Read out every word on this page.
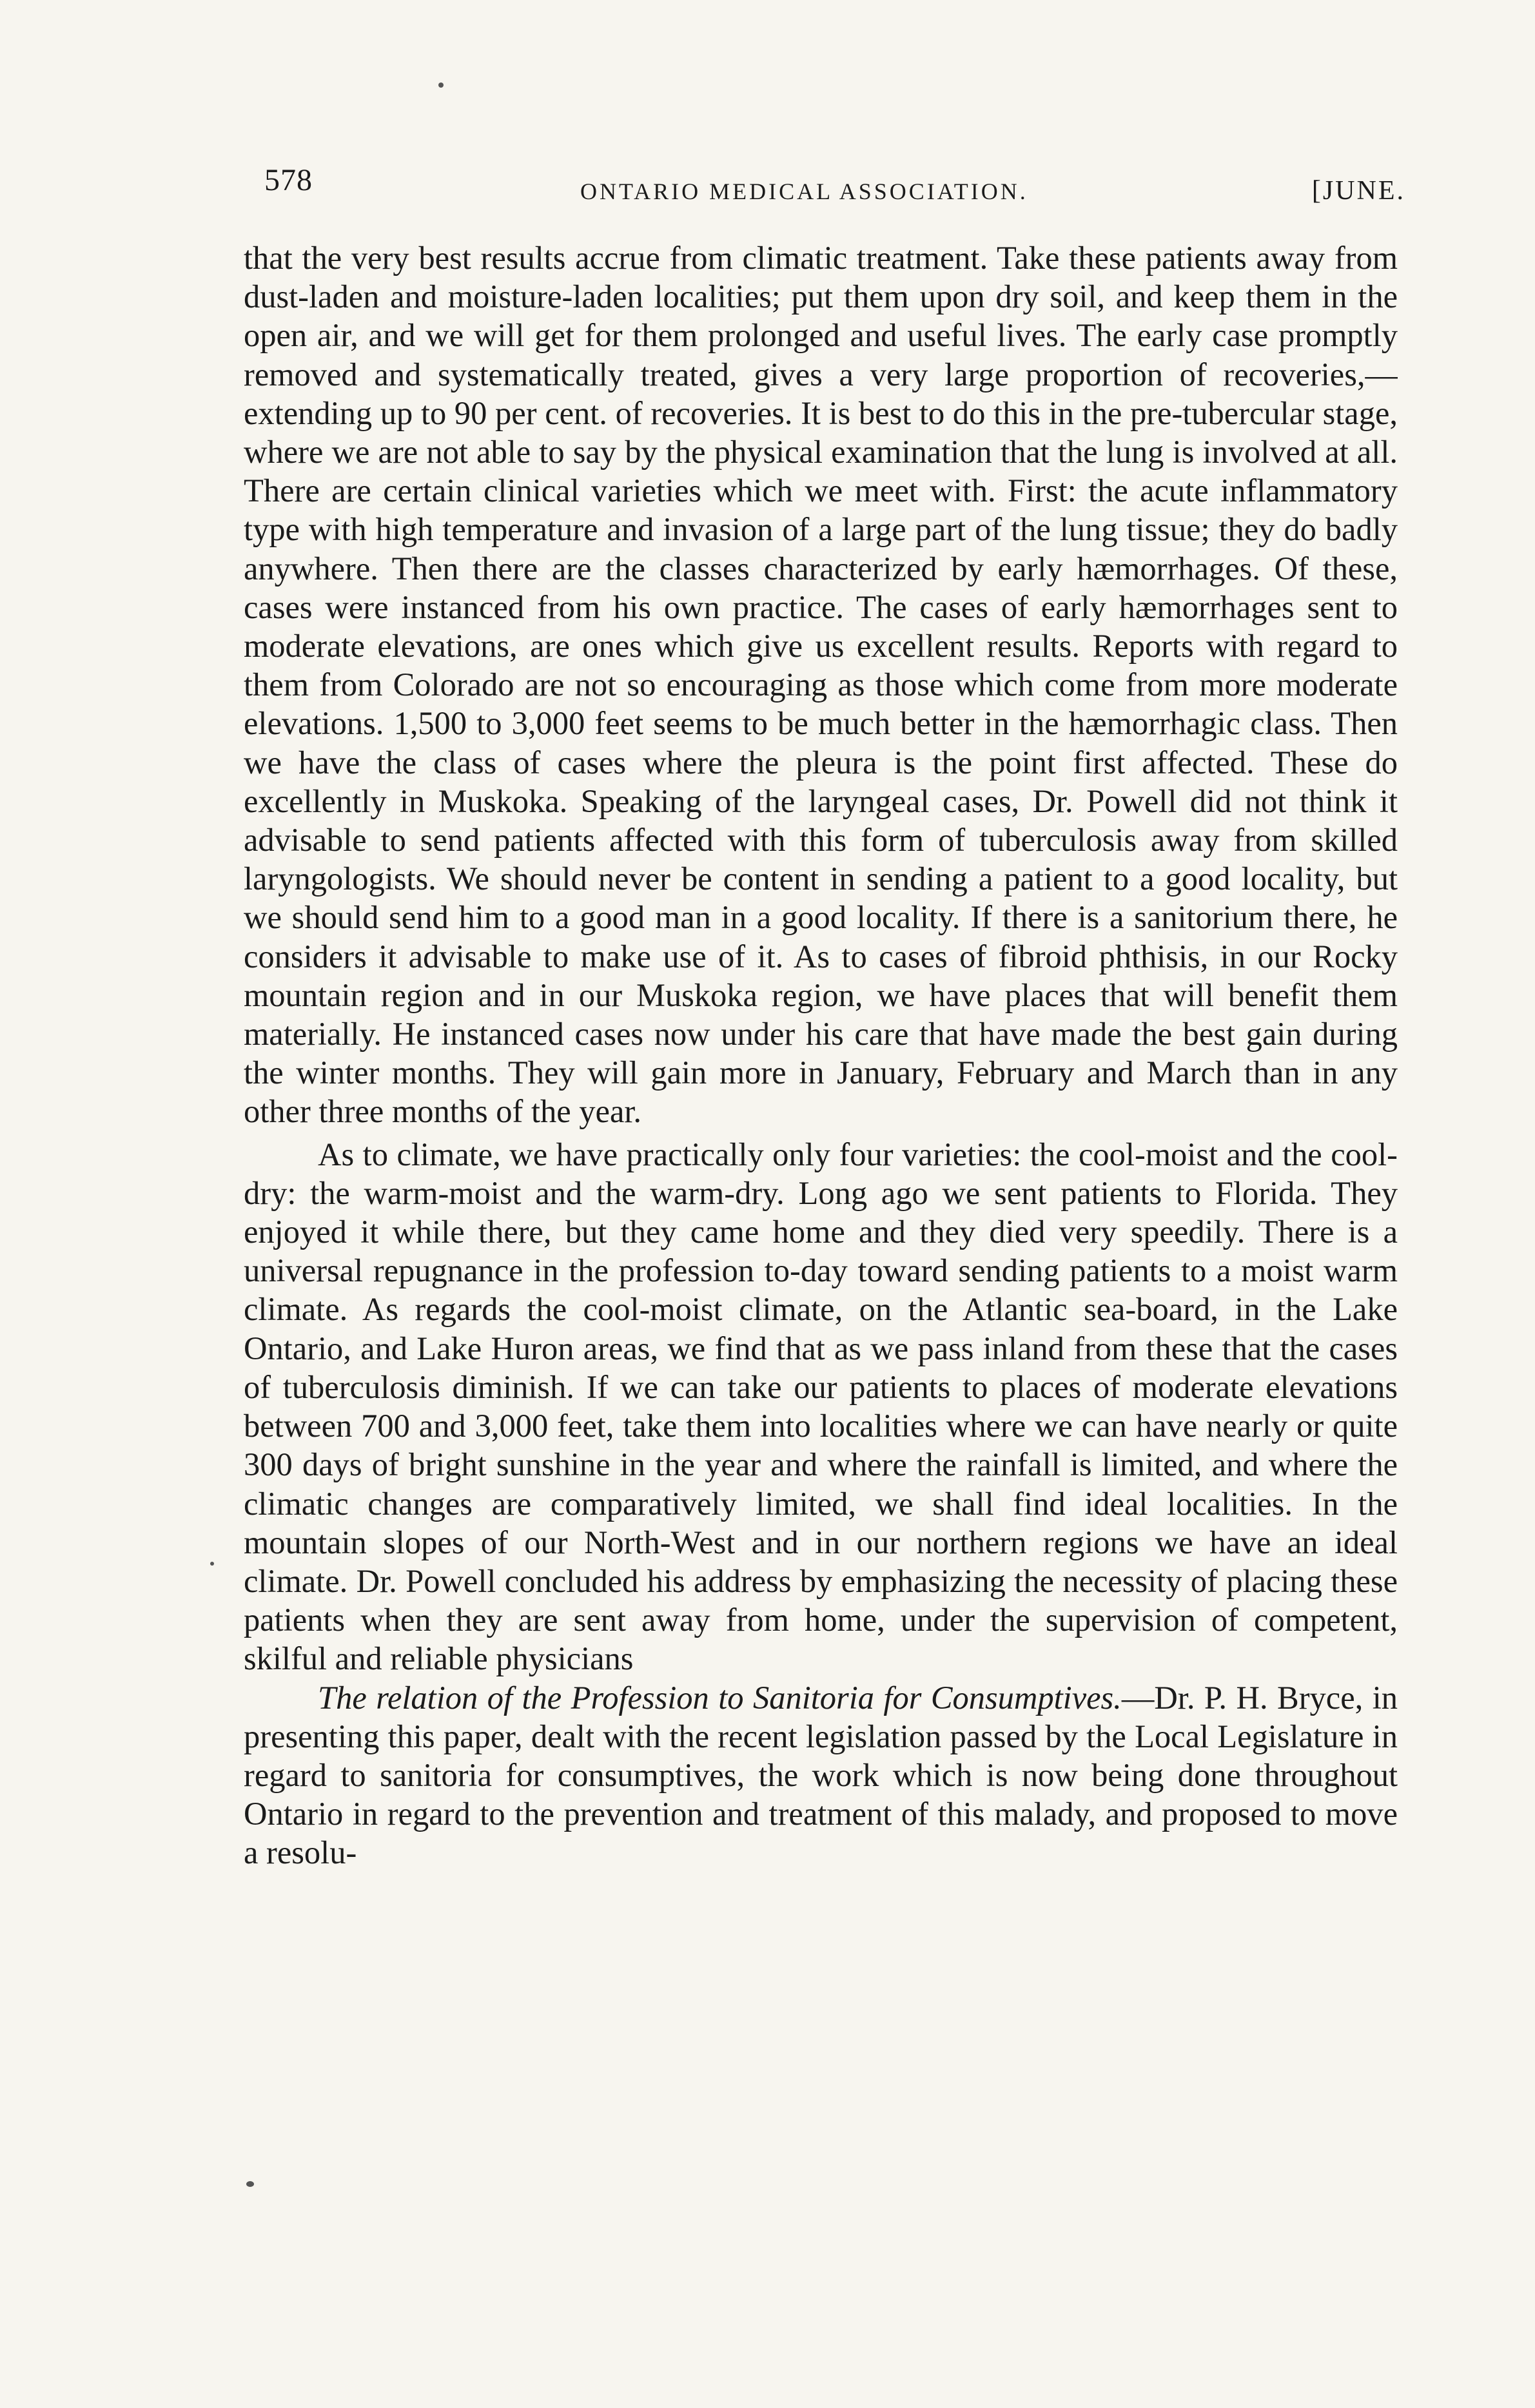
578	ONTARIO MEDICAL ASSOCIATION.	[JUNE.

that the very best results accrue from climatic treatment. Take these patients away from dust-laden and moisture-laden localities; put them upon dry soil, and keep them in the open air, and we will get for them prolonged and useful lives. The early case promptly removed and systematically treated, gives a very large proportion of recoveries,—extending up to 90 per cent. of recoveries. It is best to do this in the pre-tubercular stage, where we are not able to say by the physical examination that the lung is involved at all. There are certain clinical varieties which we meet with. First: the acute inflammatory type with high temperature and invasion of a large part of the lung tissue; they do badly anywhere. Then there are the classes characterized by early hæmorrhages. Of these, cases were instanced from his own practice. The cases of early hæmorrhages sent to moderate elevations, are ones which give us excellent results. Reports with regard to them from Colorado are not so encouraging as those which come from more moderate elevations. 1,500 to 3,000 feet seems to be much better in the hæmorrhagic class. Then we have the class of cases where the pleura is the point first affected. These do excellently in Muskoka. Speaking of the laryngeal cases, Dr. Powell did not think it advisable to send patients affected with this form of tuberculosis away from skilled laryngologists. We should never be content in sending a patient to a good locality, but we should send him to a good man in a good locality. If there is a sanitorium there, he considers it advisable to make use of it. As to cases of fibroid phthisis, in our Rocky mountain region and in our Muskoka region, we have places that will benefit them materially. He instanced cases now under his care that have made the best gain during the winter months. They will gain more in January, February and March than in any other three months of the year.

As to climate, we have practically only four varieties: the cool-moist and the cool-dry: the warm-moist and the warm-dry. Long ago we sent patients to Florida. They enjoyed it while there, but they came home and they died very speedily. There is a universal repugnance in the profession to-day toward sending patients to a moist warm climate. As regards the cool-moist climate, on the Atlantic sea-board, in the Lake Ontario, and Lake Huron areas, we find that as we pass inland from these that the cases of tuberculosis diminish. If we can take our patients to places of moderate elevations between 700 and 3,000 feet, take them into localities where we can have nearly or quite 300 days of bright sunshine in the year and where the rainfall is limited, and where the climatic changes are comparatively limited, we shall find ideal localities. In the mountain slopes of our North-West and in our northern regions we have an ideal climate. Dr. Powell concluded his address by emphasizing the necessity of placing these patients when they are sent away from home, under the supervision of competent, skilful and reliable physicians

The relation of the Profession to Sanitoria for Consumptives.—Dr. P. H. Bryce, in presenting this paper, dealt with the recent legislation passed by the Local Legislature in regard to sanitoria for consumptives, the work which is now being done throughout Ontario in regard to the prevention and treatment of this malady, and proposed to move a resolu-
